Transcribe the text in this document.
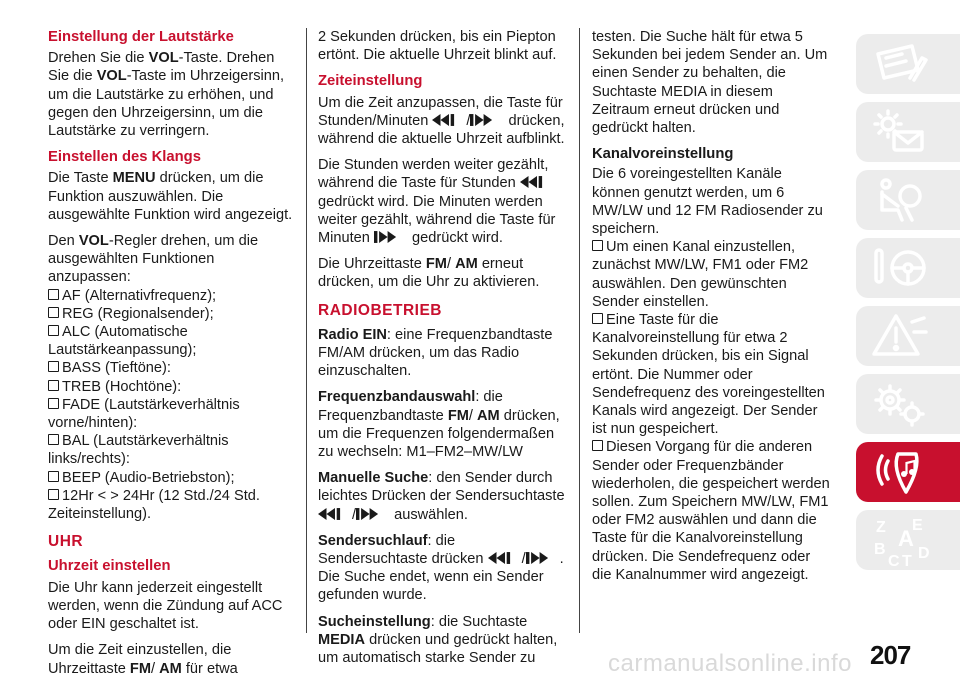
Einstellung der Lautstärke

Drehen Sie die VOL-Taste. Drehen Sie die VOL-Taste im Uhrzeigersinn, um die Lautstärke zu erhöhen, und gegen den Uhrzeigersinn, um die Lautstärke zu verringern.

Einstellen des Klangs

Die Taste MENU drücken, um die Funktion auszuwählen. Die ausgewählte Funktion wird angezeigt.

Den VOL-Regler drehen, um die ausgewählten Funktionen anzupassen:

AF (Alternativfrequenz);
REG (Regionalsender);
ALC (Automatische Lautstärkeanpassung);
BASS (Tieftöne):
TREB (Hochtöne):
FADE (Lautstärkeverhältnis vorne/hinten):
BAL (Lautstärkeverhältnis links/rechts):
BEEP (Audio-Betriebston);
12Hr < > 24Hr (12 Std./24 Std. Zeiteinstellung).
UHR
Uhrzeit einstellen

Die Uhr kann jederzeit eingestellt werden, wenn die Zündung auf ACC oder EIN geschaltet ist.

Um die Zeit einzustellen, die Uhrzeittaste FM/ AM für etwa

2 Sekunden drücken, bis ein Piepton ertönt. Die aktuelle Uhrzeit blinkt auf.

Zeiteinstellung

Um die Zeit anzupassen, die Taste für Stunden/Minuten
/
drücken, während die aktuelle Uhrzeit aufblinkt.

Die Stunden werden weiter gezählt, während die Taste für Stunden
gedrückt wird. Die Minuten werden weiter gezählt, während die Taste für Minuten
gedrückt wird.

Die Uhrzeittaste FM/ AM erneut drücken, um die Uhr zu aktivieren.

RADIOBETRIEB

Radio EIN: eine Frequenzbandtaste FM/AM drücken, um das Radio einzuschalten.

Frequenzbandauswahl: die Frequenzbandtaste FM/ AM drücken, um die Frequenzen folgendermaßen zu wechseln: M1–FM2–MW/LW

Manuelle Suche: den Sender durch leichtes Drücken der Sendersuchtaste
/
auswählen.

Sendersuchlauf: die Sendersuchtaste drücken
/ . Die Suche endet, wenn ein Sender gefunden wurde.

Sucheinstellung: die Suchtaste MEDIA drücken und gedrückt halten, um automatisch starke Sender zu

testen. Die Suche hält für etwa 5 Sekunden bei jedem Sender an. Um einen Sender zu behalten, die Suchtaste MEDIA in diesem Zeitraum erneut drücken und gedrückt halten.

Kanalvoreinstellung

Die 6 voreingestellten Kanäle können genutzt werden, um 6 MW/LW und 12 FM Radiosender zu speichern.

Um einen Kanal einzustellen, zunächst MW/LW, FM1 oder FM2 auswählen. Den gewünschten Sender einstellen.
Eine Taste für die Kanalvoreinstellung für etwa 2 Sekunden drücken, bis ein Signal ertönt. Die Nummer oder Sendefrequenz des voreingestellten Kanals wird angezeigt. Der Sender ist nun gespeichert.
Diesen Vorgang für die anderen Sender oder Frequenzbänder wiederholen, die gespeichert werden sollen. Zum Speichern MW/LW, FM1 oder FM2 auswählen und dann die Taste für die Kanalvoreinstellung drücken. Die Sendefrequenz oder die Kanalnummer wird angezeigt.
Z E
A
B
C T D
207
carmanualsonline.info
